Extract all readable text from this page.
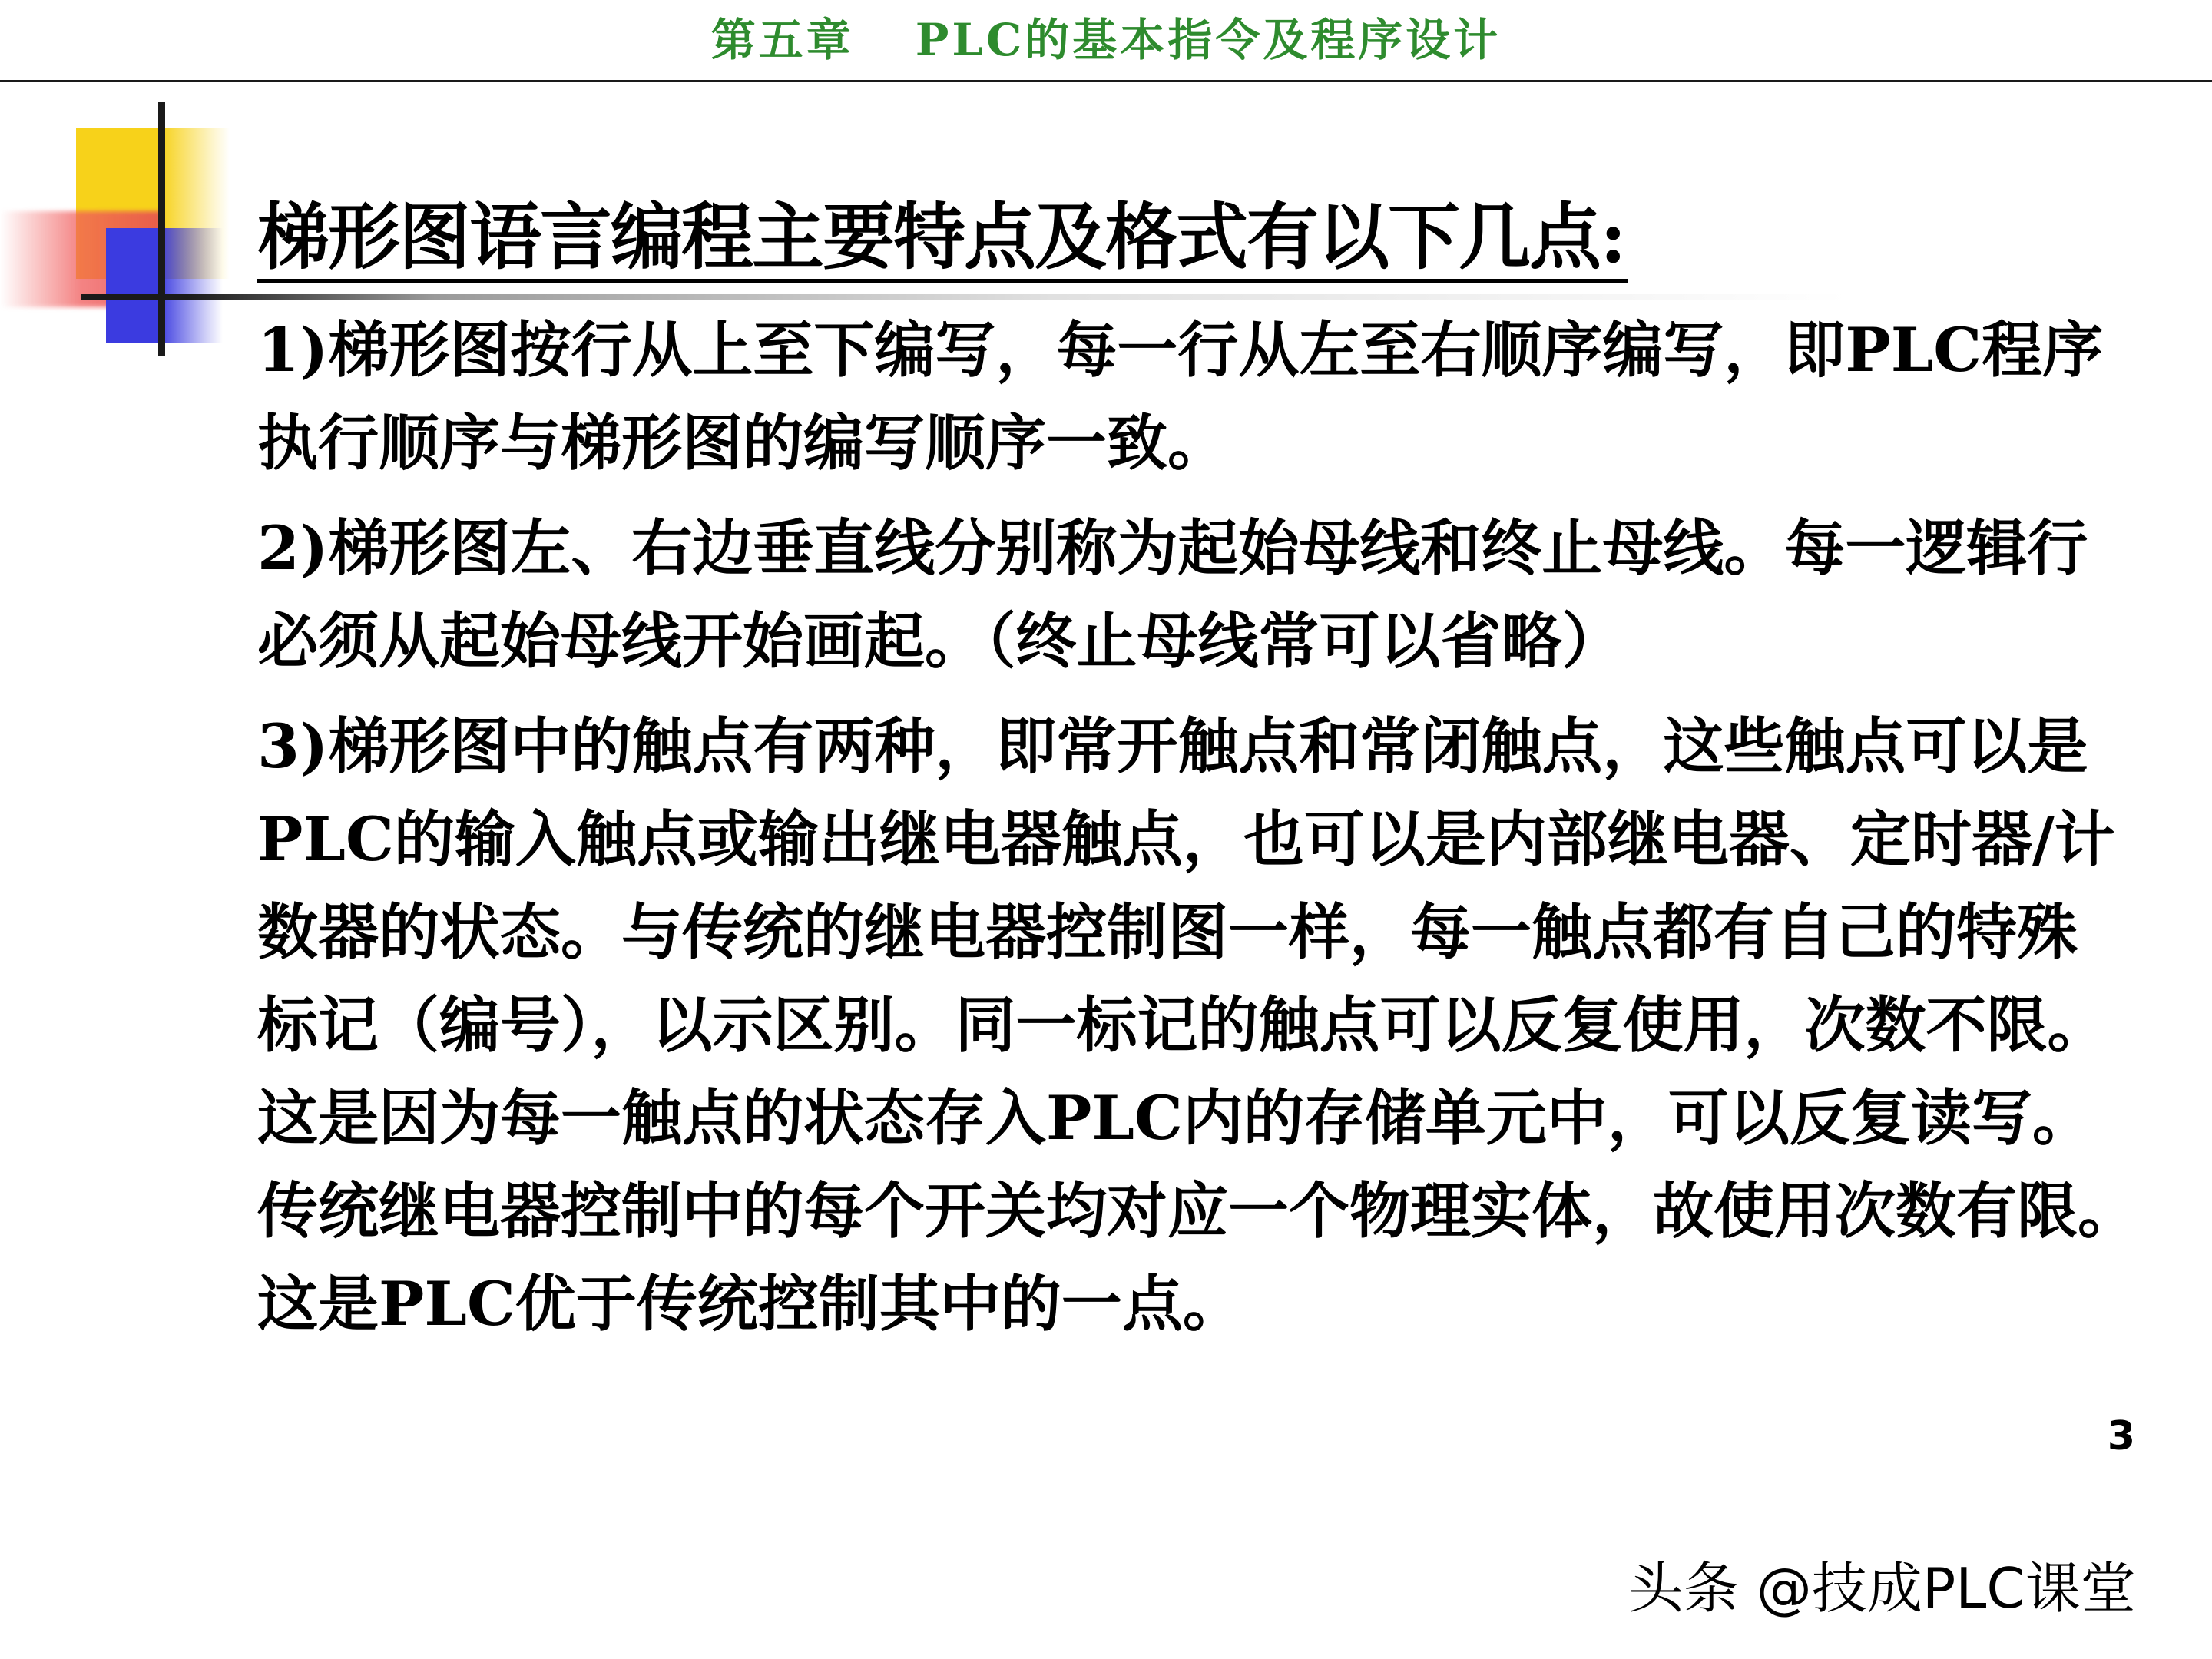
第五章 PLC的基本指令及程序设计
梯形图语言编程主要特点及格式有以下几点:
1)梯形图按行从上至下编写，每一行从左至右顺序编写，即PLC程序
执行顺序与梯形图的编写顺序一致。
2)梯形图左、右边垂直线分别称为起始母线和终止母线。每一逻辑行
必须从起始母线开始画起。（终止母线常可以省略）
3)梯形图中的触点有两种，即常开触点和常闭触点，这些触点可以是
PLC的输入触点或输出继电器触点，也可以是内部继电器、定时器/计
数器的状态。与传统的继电器控制图一样，每一触点都有自己的特殊
标记（编号），以示区别。同一标记的触点可以反复使用，次数不限。
这是因为每一触点的状态存入PLC内的存储单元中，可以反复读写。
传统继电器控制中的每个开关均对应一个物理实体，故使用次数有限。
这是PLC优于传统控制其中的一点。
3
头条 @技成PLC课堂
